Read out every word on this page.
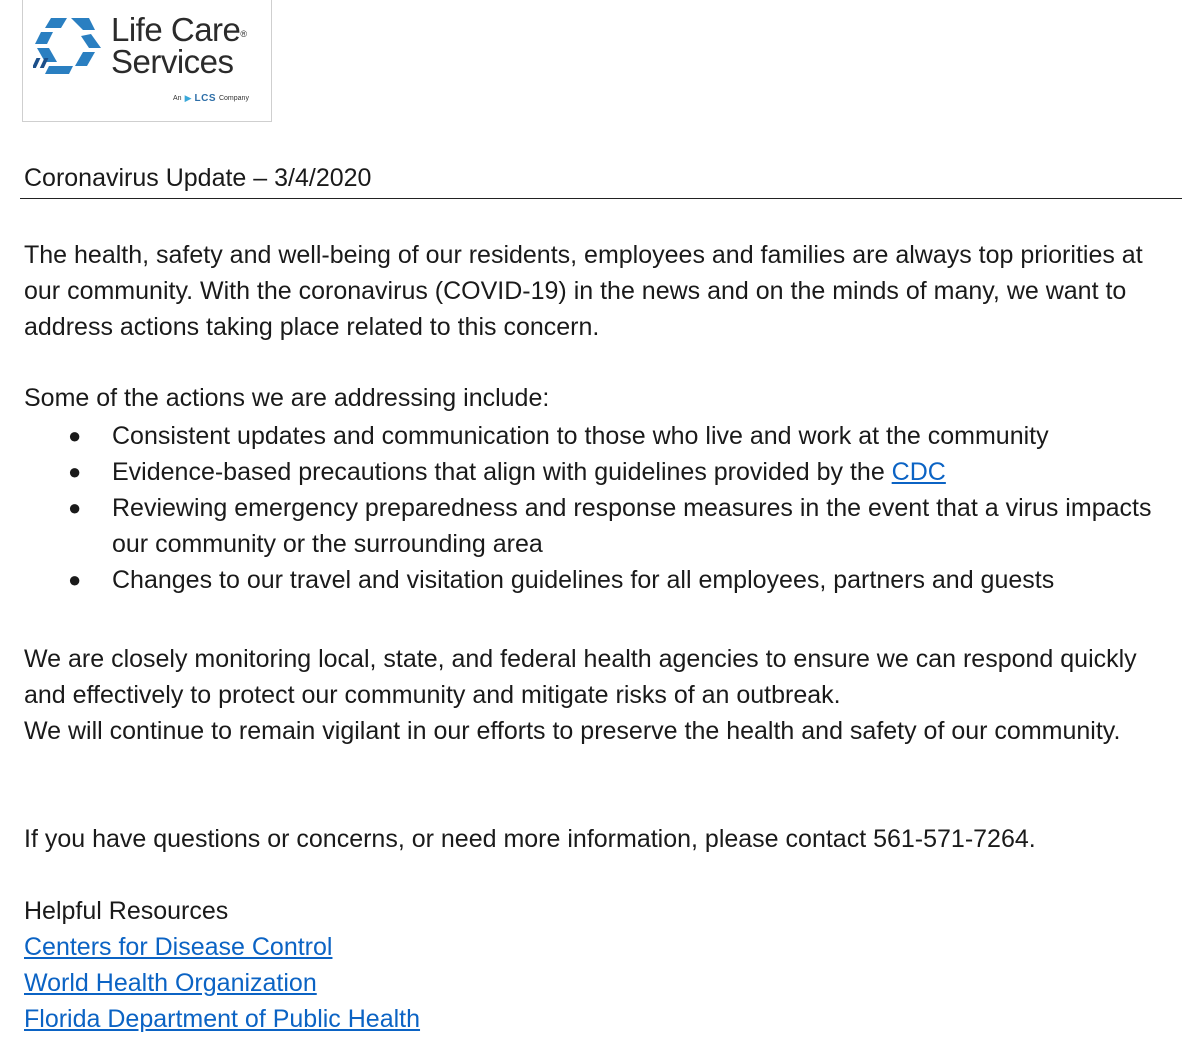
Life Care®
Services
An ▶ LCS Company
Coronavirus Update – 3/4/2020

The health, safety and well-being of our residents, employees and families are always top priorities at our community. With the coronavirus (COVID-19) in the news and on the minds of many, we want to address actions taking place related to this concern.

Some of the actions we are addressing include:

● Consistent updates and communication to those who live and work at the community
● Evidence-based precautions that align with guidelines provided by the CDC
● Reviewing emergency preparedness and response measures in the event that a virus impacts our community or the surrounding area
● Changes to our travel and visitation guidelines for all employees, partners and guests
We are closely monitoring local, state, and federal health agencies to ensure we can respond quickly and effectively to protect our community and mitigate risks of an outbreak.
We will continue to remain vigilant in our efforts to preserve the health and safety of our community.

If you have questions or concerns, or need more information, please contact 561-571-7264.

Helpful Resources
Centers for Disease Control
World Health Organization
Florida Department of Public Health
